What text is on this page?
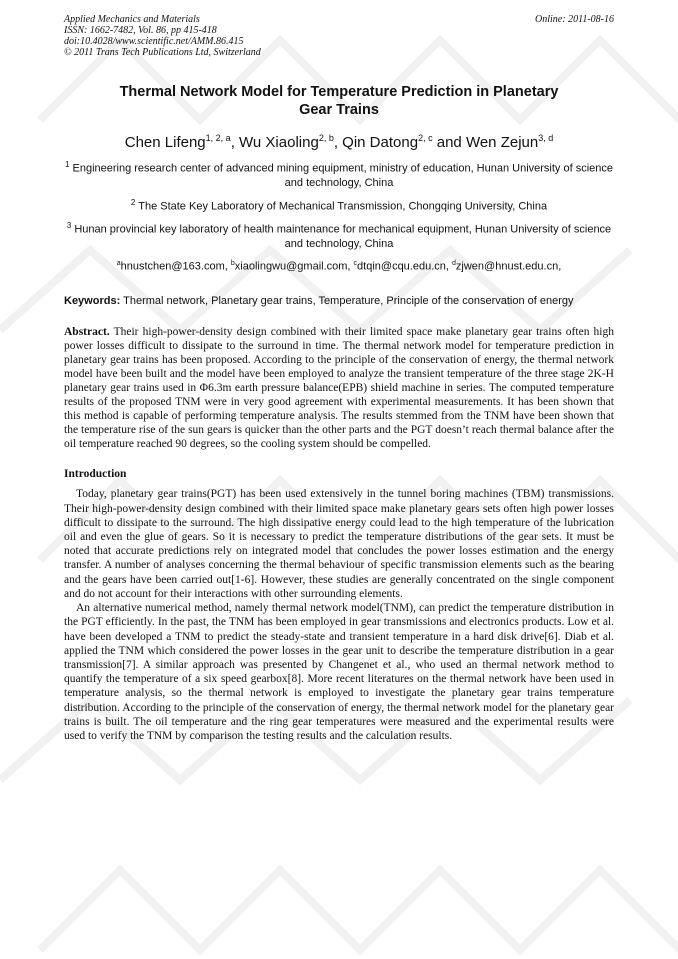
Applied Mechanics and Materials
ISSN: 1662-7482, Vol. 86, pp 415-418
doi:10.4028/www.scientific.net/AMM.86.415
© 2011 Trans Tech Publications Ltd, Switzerland
Online: 2011-08-16
Thermal Network Model for Temperature Prediction in Planetary Gear Trains
Chen Lifeng$^{1, 2, a}$, Wu Xiaoling$^{2, b}$, Qin Datong$^{2, c}$ and Wen Zejun$^{3, d}$
$^1$ Engineering research center of advanced mining equipment, ministry of education, Hunan University of science and technology, China
$^2$ The State Key Laboratory of Mechanical Transmission, Chongqing University, China
$^3$ Hunan provincial key laboratory of health maintenance for mechanical equipment, Hunan University of science and technology, China
$^a$hnustchen@163.com, $^b$xiaolingwu@gmail.com, $^c$dtqin@cqu.edu.cn, $^d$zjwen@hnust.edu.cn,
Keywords: Thermal network, Planetary gear trains, Temperature, Principle of the conservation of energy
Abstract. Their high-power-density design combined with their limited space make planetary gear trains often high power losses difficult to dissipate to the surround in time. The thermal network model for temperature prediction in planetary gear trains has been proposed. According to the principle of the conservation of energy, the thermal network model have been built and the model have been employed to analyze the transient temperature of the three stage 2K-H planetary gear trains used in Φ6.3m earth pressure balance(EPB) shield machine in series. The computed temperature results of the proposed TNM were in very good agreement with experimental measurements. It has been shown that this method is capable of performing temperature analysis. The results stemmed from the TNM have been shown that the temperature rise of the sun gears is quicker than the other parts and the PGT doesn’t reach thermal balance after the oil temperature reached 90 degrees, so the cooling system should be compelled.
Introduction
Today, planetary gear trains(PGT) has been used extensively in the tunnel boring machines (TBM) transmissions. Their high-power-density design combined with their limited space make planetary gears sets often high power losses difficult to dissipate to the surround. The high dissipative energy could lead to the high temperature of the lubrication oil and even the glue of gears. So it is necessary to predict the temperature distributions of the gear sets. It must be noted that accurate predictions rely on integrated model that concludes the power losses estimation and the energy transfer. A number of analyses concerning the thermal behaviour of specific transmission elements such as the bearing and the gears have been carried out[1-6]. However, these studies are generally concentrated on the single component and do not account for their interactions with other surrounding elements.
An alternative numerical method, namely thermal network model(TNM), can predict the temperature distribution in the PGT efficiently. In the past, the TNM has been employed in gear transmissions and electronics products. Low et al. have been developed a TNM to predict the steady-state and transient temperature in a hard disk drive[6]. Diab et al. applied the TNM which considered the power losses in the gear unit to describe the temperature distribution in a gear transmission[7]. A similar approach was presented by Changenet et al., who used an thermal network method to quantify the temperature of a six speed gearbox[8]. More recent literatures on the thermal network have been used in temperature analysis, so the thermal network is employed to investigate the planetary gear trains temperature distribution. According to the principle of the conservation of energy, the thermal network model for the planetary gear trains is built. The oil temperature and the ring gear temperatures were measured and the experimental results were used to verify the TNM by comparison the testing results and the calculation results.
